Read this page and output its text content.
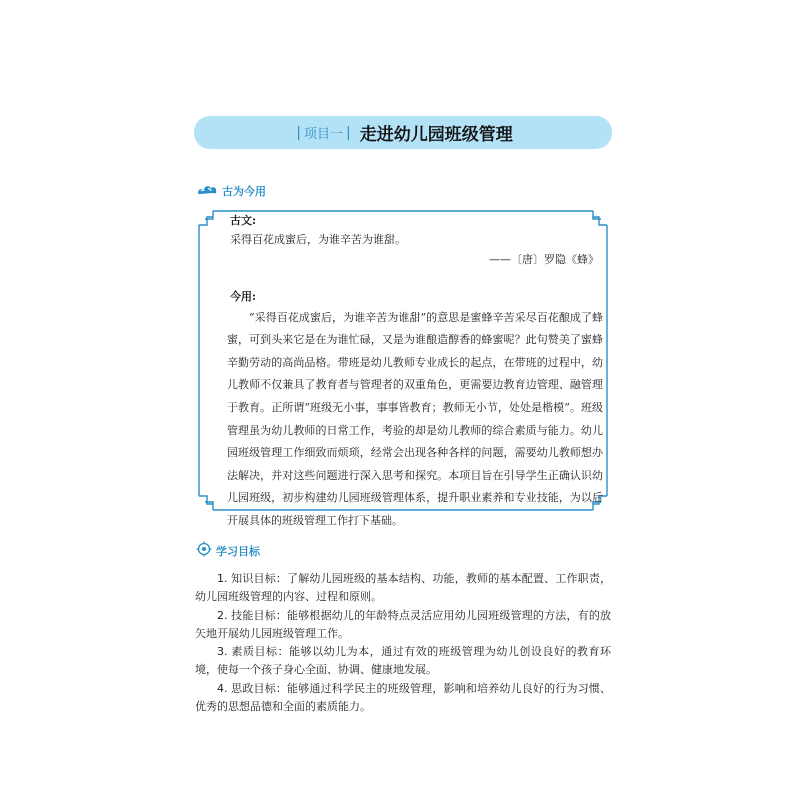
| 项目一 | 走进幼儿园班级管理
古为今用
古文:
采得百花成蜜后，为谁辛苦为谁甜。
——〔唐〕罗隐《蜂》
今用:
“采得百花成蜜后，为谁辛苦为谁甜”的意思是蜜蜂辛苦采尽百花酿成了蜂蜜，可到头来它是在为谁忙碌，又是为谁酿造醇香的蜂蜜呢？此句赞美了蜜蜂辛勤劳动的高尚品格。带班是幼儿教师专业成长的起点，在带班的过程中，幼儿教师不仅兼具了教育者与管理者的双重角色，更需要边教育边管理、融管理于教育。正所谓“班级无小事，事事皆教育；教师无小节，处处是楷模”。班级管理虽为幼儿教师的日常工作，考验的却是幼儿教师的综合素质与能力。幼儿园班级管理工作细致而烦琐，经常会出现各种各样的问题，需要幼儿教师想办法解决，并对这些问题进行深入思考和探究。本项目旨在引导学生正确认识幼儿园班级，初步构建幼儿园班级管理体系，提升职业素养和专业技能，为以后开展具体的班级管理工作打下基础。
学习目标

1. 知识目标：了解幼儿园班级的基本结构、功能，教师的基本配置、工作职责，幼儿园班级管理的内容、过程和原则。

2. 技能目标：能够根据幼儿的年龄特点灵活应用幼儿园班级管理的方法，有的放矢地开展幼儿园班级管理工作。

3. 素质目标：能够以幼儿为本，通过有效的班级管理为幼儿创设良好的教育环境，使每一个孩子身心全面、协调、健康地发展。

4. 思政目标：能够通过科学民主的班级管理，影响和培养幼儿良好的行为习惯、优秀的思想品德和全面的素质能力。
